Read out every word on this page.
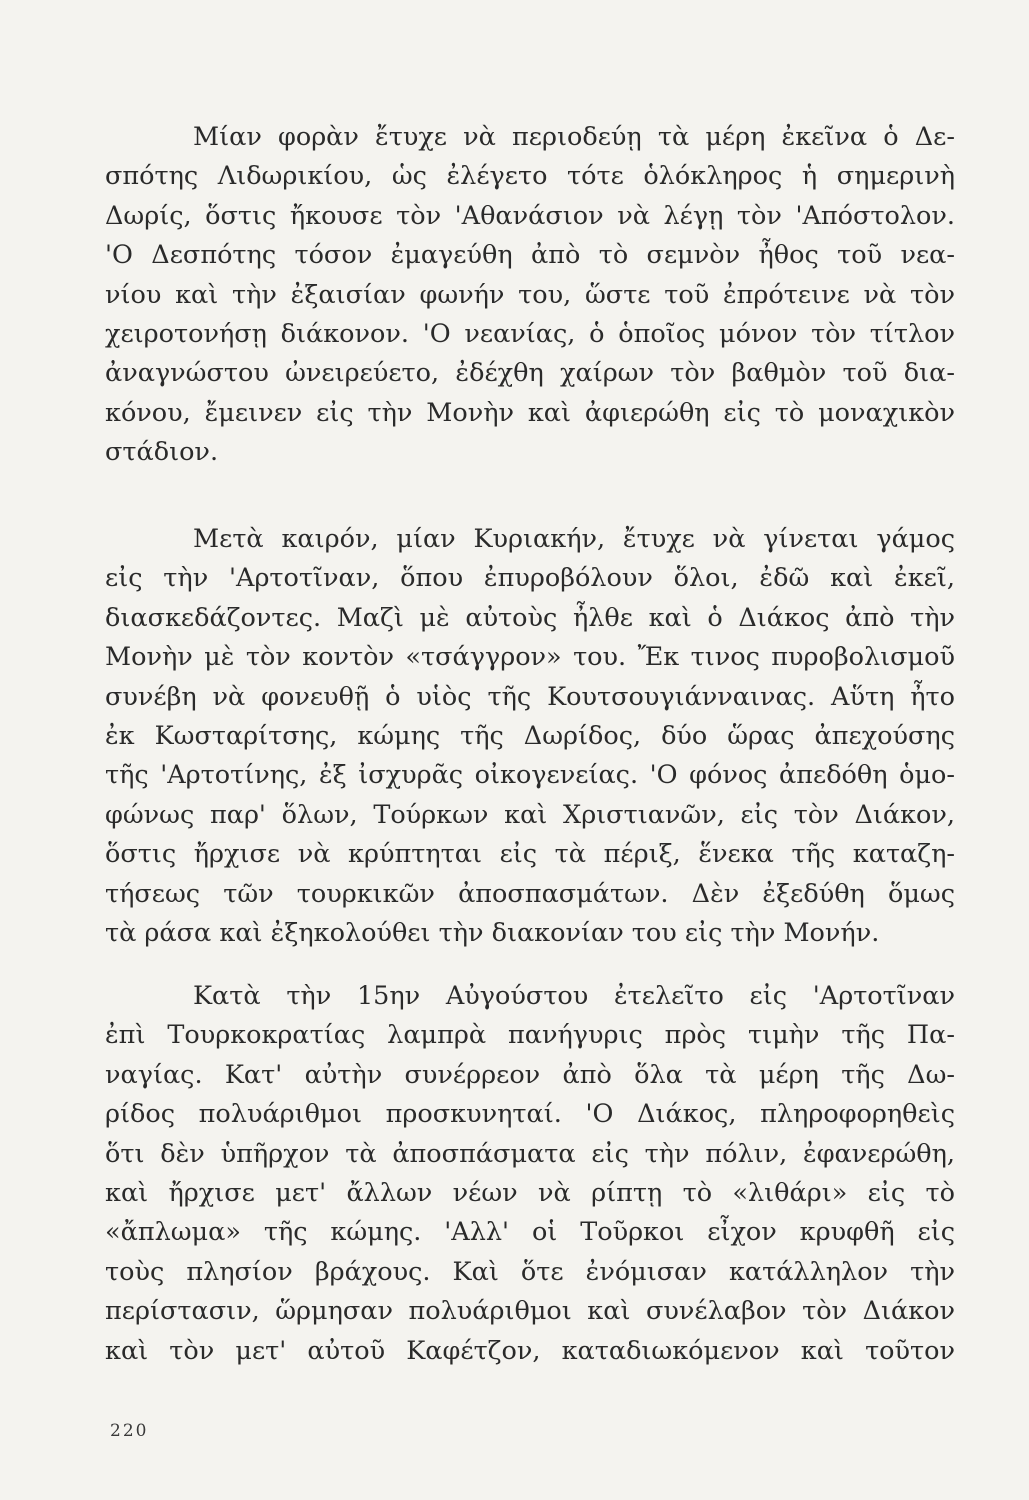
Μίαν φορὰν ἔτυχε νὰ περιοδεύῃ τὰ μέρη ἐκεῖνα ὁ Δε-
σπότης Λιδωρικίου, ὡς ἐλέγετο τότε ὁλόκληρος ἡ σημερινὴ
Δωρίς, ὅστις ἤκουσε τὸν 'Αθανάσιον νὰ λέγῃ τὸν 'Απόστολον.
'Ο Δεσπότης τόσον ἐμαγεύθη ἀπὸ τὸ σεμνὸν ἦθος τοῦ νεα-
νίου καὶ τὴν ἐξαισίαν φωνήν του, ὥστε τοῦ ἐπρότεινε νὰ τὸν
χειροτονήσῃ διάκονον. 'Ο νεανίας, ὁ ὁποῖος μόνον τὸν τίτλον
ἀναγνώστου ὠνειρεύετο, ἐδέχθη χαίρων τὸν βαθμὸν τοῦ δια-
κόνου, ἔμεινεν εἰς τὴν Μονὴν καὶ ἀφιερώθη εἰς τὸ μοναχικὸν
στάδιον.
Μετὰ καιρόν, μίαν Κυριακήν, ἔτυχε νὰ γίνεται γάμος
εἰς τὴν 'Αρτοτῖναν, ὅπου ἐπυροβόλουν ὅλοι, ἐδῶ καὶ ἐκεῖ,
διασκεδάζοντες. Μαζὶ μὲ αὐτοὺς ἦλθε καὶ ὁ Διάκος ἀπὸ τὴν
Μονὴν μὲ τὸν κοντὸν «τσάγγρον» του. Ἔκ τινος πυροβολισμοῦ
συνέβη νὰ φονευθῇ ὁ υἱὸς τῆς Κουτσουγιάνναινας. Αὕτη ἦτο
ἐκ Κωσταρίτσης, κώμης τῆς Δωρίδος, δύο ὥρας ἀπεχούσης
τῆς 'Αρτοτίνης, ἐξ ἰσχυρᾶς οἰκογενείας. 'Ο φόνος ἀπεδόθη ὁμο-
φώνως παρ' ὅλων, Τούρκων καὶ Χριστιανῶν, εἰς τὸν Διάκον,
ὅστις ἤρχισε νὰ κρύπτηται εἰς τὰ πέριξ, ἕνεκα τῆς καταζη-
τήσεως τῶν τουρκικῶν ἀποσπασμάτων. Δὲν ἐξεδύθη ὅμως
τὰ ράσα καὶ ἐξηκολούθει τὴν διακονίαν του εἰς τὴν Μονήν.
Κατὰ τὴν 15ην Αὐγούστου ἐτελεῖτο εἰς 'Αρτοτῖναν
ἐπὶ Τουρκοκρατίας λαμπρὰ πανήγυρις πρὸς τιμὴν τῆς Πα-
ναγίας. Κατ' αὐτὴν συνέρρεον ἀπὸ ὅλα τὰ μέρη τῆς Δω-
ρίδος πολυάριθμοι προσκυνηταί. 'Ο Διάκος, πληροφορηθεὶς
ὅτι δὲν ὑπῆρχον τὰ ἀποσπάσματα εἰς τὴν πόλιν, ἐφανερώθη,
καὶ ἤρχισε μετ' ἄλλων νέων νὰ ρίπτῃ τὸ «λιθάρι» εἰς τὸ
«ἄπλωμα» τῆς κώμης. 'Αλλ' οἱ Τοῦρκοι εἶχον κρυφθῆ εἰς
τοὺς πλησίον βράχους. Καὶ ὅτε ἐνόμισαν κατάλληλον τὴν
περίστασιν, ὥρμησαν πολυάριθμοι καὶ συνέλαβον τὸν Διάκον
καὶ τὸν μετ' αὐτοῦ Καφέτζον, καταδιωκόμενον καὶ τοῦτον
220
